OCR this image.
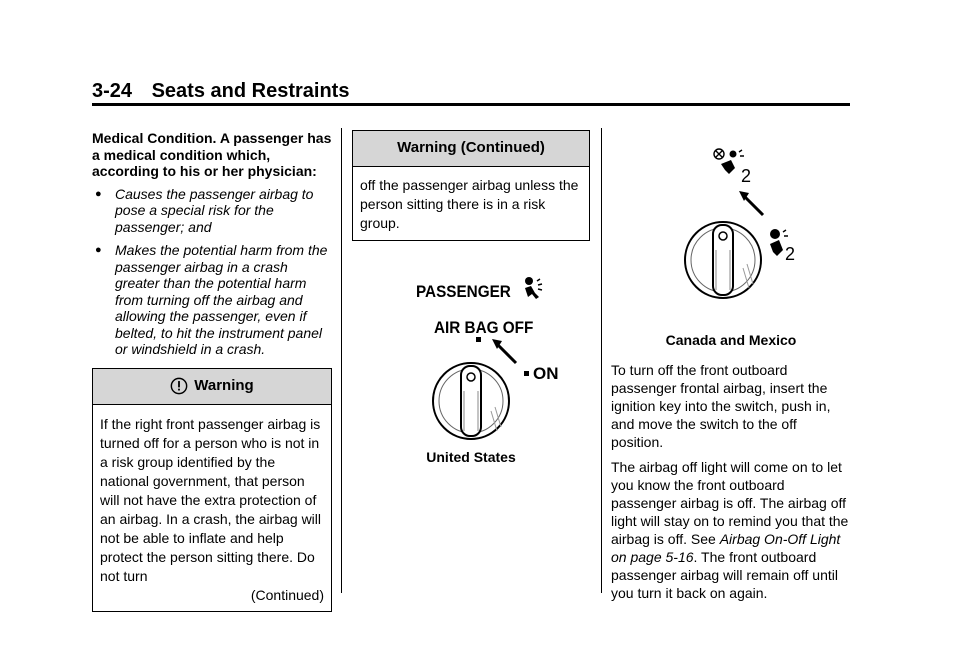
3-24 Seats and Restraints

Medical Condition. A passenger has a medical condition which, according to his or her physician:

● Causes the passenger airbag to pose a special risk for the passenger; and
● Makes the potential harm from the passenger airbag in a crash greater than the potential harm from turning off the airbag and allowing the passenger, even if belted, to hit the instrument panel or windshield in a crash.
Warning

If the right front passenger airbag is turned off for a person who is not in a risk group identified by the national government, that person will not have the extra protection of an airbag. In a crash, the airbag will not be able to inflate and help protect the person sitting there. Do not turn

(Continued)

Warning (Continued)

off the passenger airbag unless the person sitting there is in a risk group.

PASSENGER
AIR BAG OFF
ON

United States

2
2

Canada and Mexico

To turn off the front outboard passenger frontal airbag, insert the ignition key into the switch, push in, and move the switch to the off position.

The airbag off light will come on to let you know the front outboard passenger airbag is off. The airbag off light will stay on to remind you that the airbag is off. See Airbag On-Off Light on page 5-16. The front outboard passenger airbag will remain off until you turn it back on again.
